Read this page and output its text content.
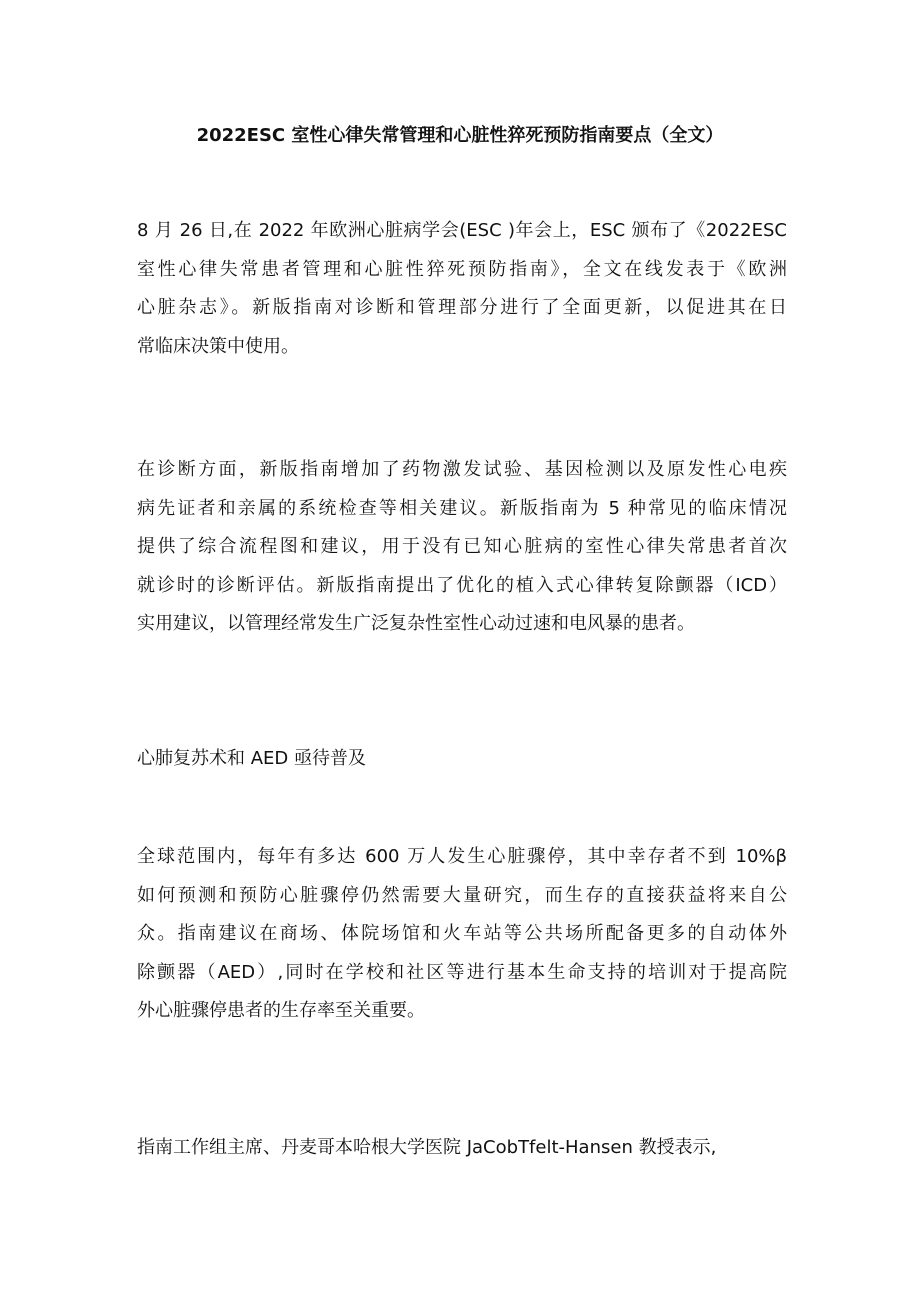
2022ESC 室性心律失常管理和心脏性猝死预防指南要点（全文）
8 月 26 日,在 2022 年欧洲心脏病学会(ESC )年会上，ESC 颁布了《2022ESC
室性心律失常患者管理和心脏性猝死预防指南》，全文在线发表于《欧洲
心脏杂志》。新版指南对诊断和管理部分进行了全面更新，以促进其在日
常临床决策中使用。
在诊断方面，新版指南增加了药物激发试验、基因检测以及原发性心电疾
病先证者和亲属的系统检查等相关建议。新版指南为 5 种常见的临床情况
提供了综合流程图和建议，用于没有已知心脏病的室性心律失常患者首次
就诊时的诊断评估。新版指南提出了优化的植入式心律转复除颤器（ICD）
实用建议，以管理经常发生广泛复杂性室性心动过速和电风暴的患者。
心肺复苏术和 AED 亟待普及
全球范围内，每年有多达 600 万人发生心脏骤停，其中幸存者不到 10%β
如何预测和预防心脏骤停仍然需要大量研究，而生存的直接获益将来自公
众。指南建议在商场、体院场馆和火车站等公共场所配备更多的自动体外
除颤器（AED）,同时在学校和社区等进行基本生命支持的培训对于提高院
外心脏骤停患者的生存率至关重要。
指南工作组主席、丹麦哥本哈根大学医院 JaCobTfelt-Hansen 教授表示,
